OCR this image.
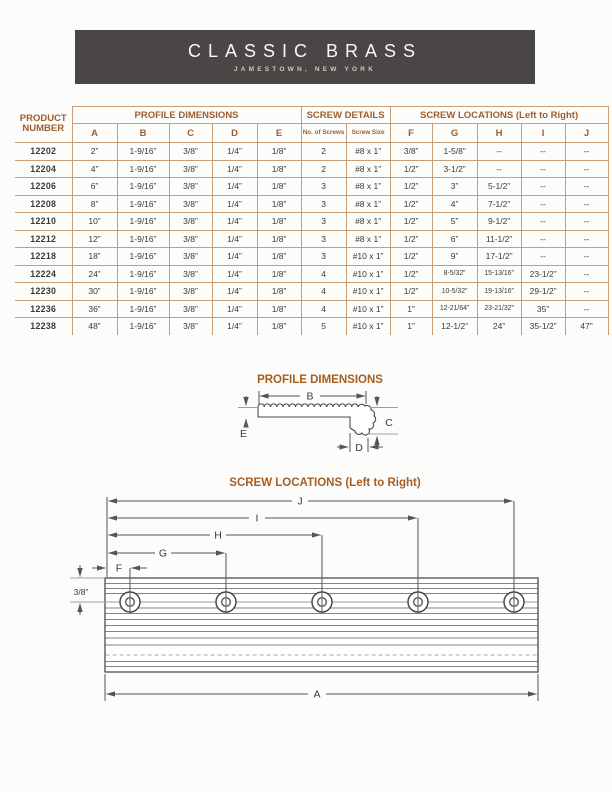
CLASSIC BRASS
JAMESTOWN, NEW YORK
PRODUCT NUMBER	PROFILE DIMENSIONS					SCREW DETAILS		SCREW LOCATIONS (Left to Right)				
	A	B	C	D	E	No. of Screws	Screw Size	F	G	H	I	J
12202	2”	1-9/16”	3/8”	1/4”	1/8”	2	#8 x 1”	3/8”	1-5/8”	--	--	--
12204	4”	1-9/16”	3/8”	1/4”	1/8”	2	#8 x 1”	1/2”	3-1/2”	--	--	--
12206	6”	1-9/16”	3/8”	1/4”	1/8”	3	#8 x 1”	1/2”	3”	5-1/2”	--	--
12208	8”	1-9/16”	3/8”	1/4”	1/8”	3	#8 x 1”	1/2”	4”	7-1/2”	--	--
12210	10”	1-9/16”	3/8”	1/4”	1/8”	3	#8 x 1”	1/2”	5”	9-1/2”	--	--
12212	12”	1-9/16”	3/8”	1/4”	1/8”	3	#8 x 1”	1/2”	6”	11-1/2”	--	--
12218	18”	1-9/16”	3/8”	1/4”	1/8”	3	#10 x 1”	1/2”	9”	17-1/2”	--	--
12224	24”	1-9/16”	3/8”	1/4”	1/8”	4	#10 x 1”	1/2”	8-5/32”	15-13/16”	23-1/2”	--
12230	30”	1-9/16”	3/8”	1/4”	1/8”	4	#10 x 1”	1/2”	10-5/32”	19-13/16”	29-1/2”	--
12236	36”	1-9/16”	3/8”	1/4”	1/8”	4	#10 x 1”	1”	12-21/64”	23-21/32”	35”	--
12238	48”	1-9/16”	3/8”	1/4”	1/8”	5	#10 x 1”	1”	12-1/2”	24”	35-1/2”	47”
PROFILE DIMENSIONS
B
E
C
D
SCREW LOCATIONS (Left to Right)
J
I
H
G
F
3/8”
A
